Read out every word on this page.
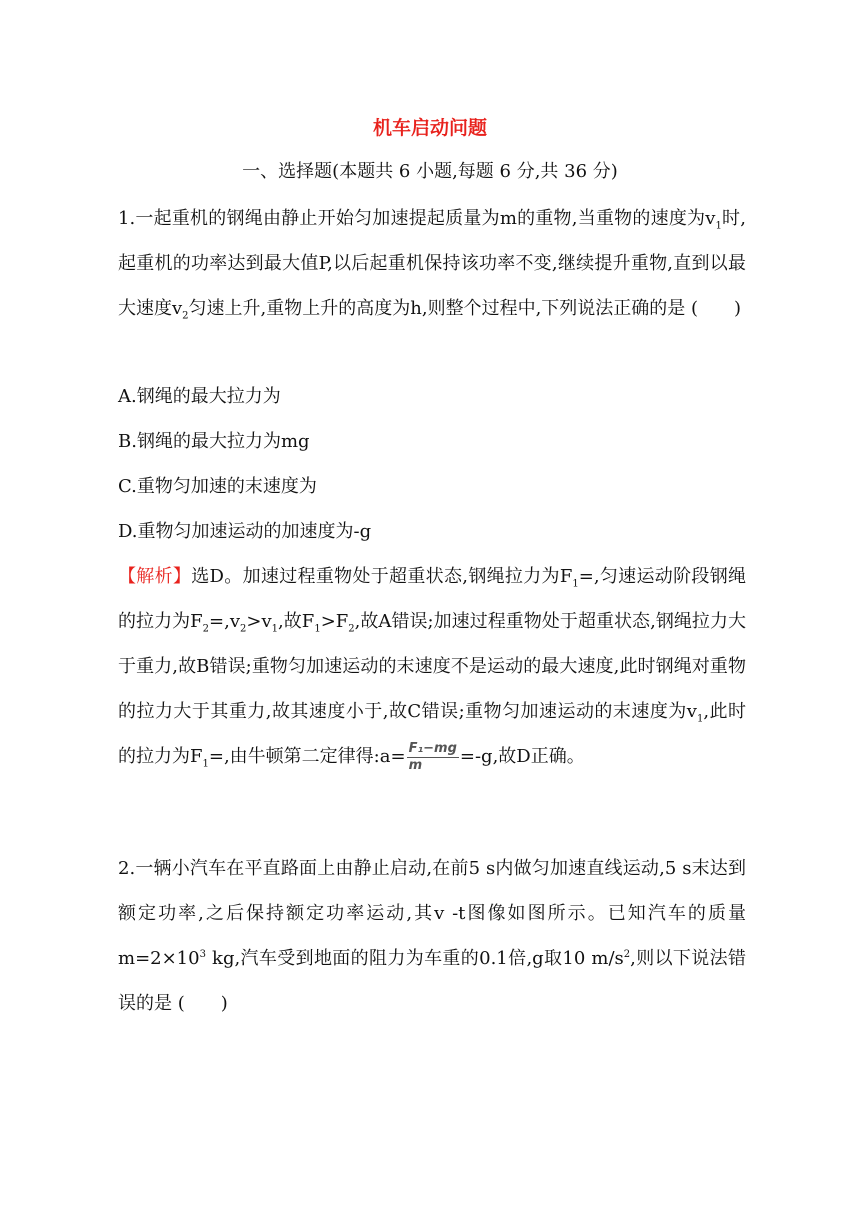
机车启动问题
一、选择题(本题共 6 小题,每题 6 分,共 36 分)
1.一起重机的钢绳由静止开始匀加速提起质量为m的重物,当重物的速度为$v_1$时,起重机的功率达到最大值P,以后起重机保持该功率不变,继续提升重物,直到以最大速度$v_2$匀速上升,重物上升的高度为h,则整个过程中,下列说法正确的是 (　　)
A.钢绳的最大拉力为
B.钢绳的最大拉力为mg
C.重物匀加速的末速度为
D.重物匀加速运动的加速度为-g
【解析】选D。加速过程重物处于超重状态,钢绳拉力为$F_1=$,匀速运动阶段钢绳的拉力为$F_2=,v_2>v_1$,故$F_1>F_2$,故A错误;加速过程重物处于超重状态,钢绳拉力大于重力,故B错误;重物匀加速运动的末速度不是运动的最大速度,此时钢绳对重物的拉力大于其重力,故其速度小于,故C错误;重物匀加速运动的末速度为$v_1$,此时的拉力为$F_1=$,由牛顿第二定律得:a= $\frac{\text{F₁−mg}}{m} =-g$,故D正确。
2.一辆小汽车在平直路面上由静止启动,在前5 s内做匀加速直线运动,5 s末达到额定功率,之后保持额定功率运动,其v -t图像如图所示。已知汽车的质量$m=2\times 10^3$ kg,汽车受到地面的阻力为车重的0.1倍,g取10 $m/s^2$,则以下说法错误的是 (　　)
